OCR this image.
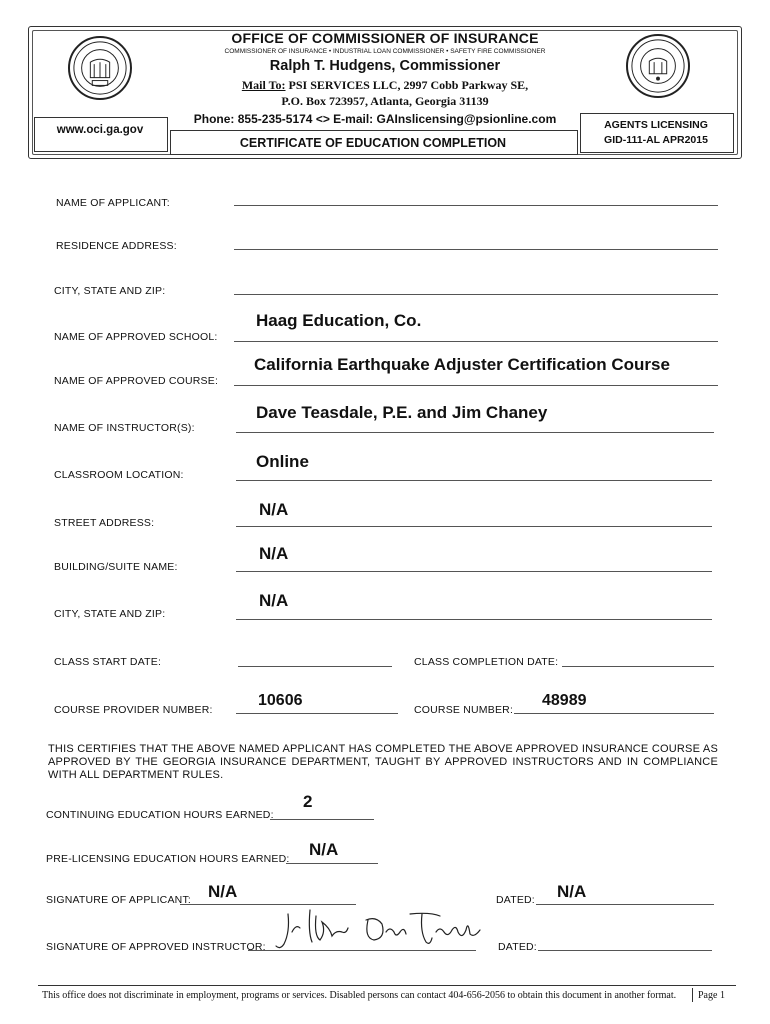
OFFICE OF COMMISSIONER OF INSURANCE
COMMISSIONER OF INSURANCE • INDUSTRIAL LOAN COMMISSIONER • SAFETY FIRE COMMISSIONER
Ralph T. Hudgens, Commissioner
Mail To: PSI SERVICES LLC, 2997 Cobb Parkway SE,
P.O. Box 723957, Atlanta, Georgia 31139
Phone: 855-235-5174 <> E-mail: GAInslicensing@psionline.com
www.oci.ga.gov
CERTIFICATE OF EDUCATION COMPLETION
AGENTS LICENSING
GID-111-AL APR2015
NAME OF APPLICANT:
RESIDENCE ADDRESS:
CITY, STATE AND ZIP:
NAME OF APPROVED SCHOOL:
Haag Education, Co.
NAME OF APPROVED COURSE:
California Earthquake Adjuster Certification Course
NAME OF INSTRUCTOR(S):
Dave Teasdale, P.E. and Jim Chaney
CLASSROOM LOCATION:
Online
STREET ADDRESS:
N/A
BUILDING/SUITE NAME:
N/A
CITY, STATE AND ZIP:
N/A
CLASS START DATE:	CLASS COMPLETION DATE:
COURSE PROVIDER NUMBER:
10606
COURSE NUMBER:
48989
THIS CERTIFIES THAT THE ABOVE NAMED APPLICANT HAS COMPLETED THE ABOVE APPROVED INSURANCE COURSE AS APPROVED BY THE GEORGIA INSURANCE DEPARTMENT, TAUGHT BY APPROVED INSTRUCTORS AND IN COMPLIANCE WITH ALL DEPARTMENT RULES.
CONTINUING EDUCATION HOURS EARNED:
2
PRE-LICENSING EDUCATION HOURS EARNED: N/A
SIGNATURE OF APPLICANT: N/A	DATED: N/A
SIGNATURE OF APPROVED INSTRUCTOR:	DATED:
This office does not discriminate in employment, programs or services. Disabled persons can contact 404-656-2056 to obtain this document in another format.	Page 1
